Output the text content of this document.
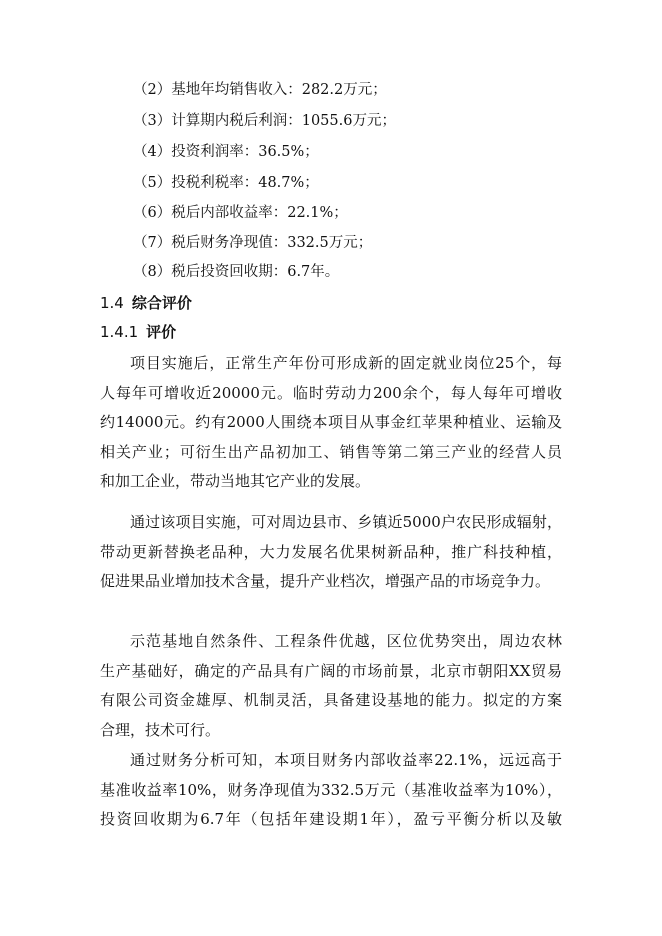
（2）基地年均销售收入：282.2万元；
（3）计算期内税后利润：1055.6万元；
（4）投资利润率：36.5%；
（5）投税利税率：48.7%；
（6）税后内部收益率：22.1%；
（7）税后财务净现值：332.5万元；
（8）税后投资回收期：6.7年。
1.4 综合评价
1.4.1 评价
项目实施后，正常生产年份可形成新的固定就业岗位25个，每
人每年可增收近20000元。临时劳动力200余个，每人每年可增收
约14000元。约有2000人围绕本项目从事金红苹果种植业、运输及
相关产业；可衍生出产品初加工、销售等第二第三产业的经营人员
和加工企业，带动当地其它产业的发展。
通过该项目实施，可对周边县市、乡镇近5000户农民形成辐射，
带动更新替换老品种，大力发展名优果树新品种，推广科技种植，
促进果品业增加技术含量，提升产业档次，增强产品的市场竞争力。
示范基地自然条件、工程条件优越，区位优势突出，周边农林
生产基础好，确定的产品具有广阔的市场前景，北京市朝阳XX贸易
有限公司资金雄厚、机制灵活，具备建设基地的能力。拟定的方案
合理，技术可行。
通过财务分析可知，本项目财务内部收益率22.1%，远远高于
基准收益率10%，财务净现值为332.5万元（基准收益率为10%），
投资回收期为6.7年（包括年建设期1年），盈亏平衡分析以及敏
